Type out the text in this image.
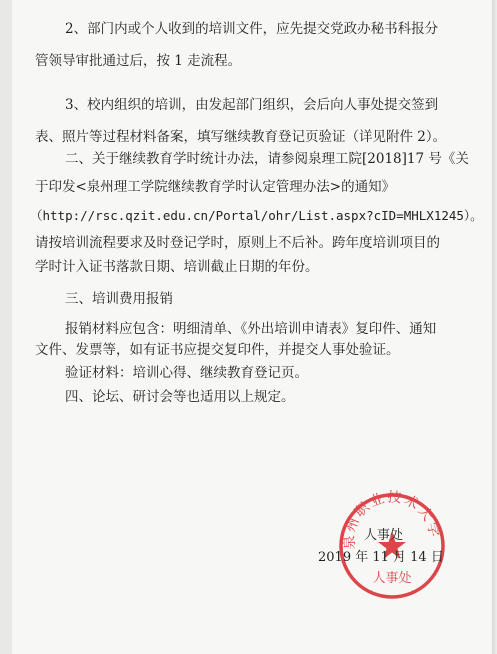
2、部门内或个人收到的培训文件，应先提交党政办秘书科报分
管领导审批通过后，按 1 走流程。
3、校内组织的培训，由发起部门组织，会后向人事处提交签到
表、照片等过程材料备案，填写继续教育登记页验证（详见附件 2）。
二、关于继续教育学时统计办法，请参阅泉理工院[2018]17 号《关
于印发<泉州理工学院继续教育学时认定管理办法>的通知》
（http://rsc.qzit.edu.cn/Portal/ohr/List.aspx?cID=MHLX1245）。
请按培训流程要求及时登记学时，原则上不后补。跨年度培训项目的
学时计入证书落款日期、培训截止日期的年份。
三、培训费用报销
报销材料应包含：明细清单、《外出培训申请表》复印件、通知
文件、发票等，如有证书应提交复印件，并提交人事处验证。
验证材料：培训心得、继续教育登记页。
四、论坛、研讨会等也适用以上规定。
泉州职业技术大学
人事处
人事处
2019 年 11 月 14 日
